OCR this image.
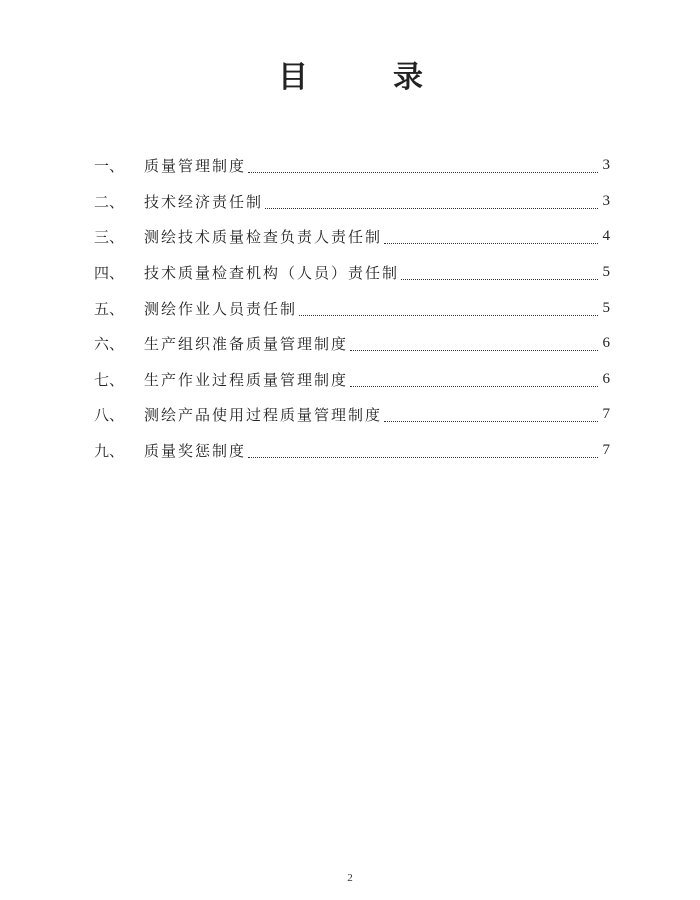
目	录
一、	质量管理制度	3
二、	技术经济责任制	3
三、	测绘技术质量检查负责人责任制	4
四、	技术质量检查机构（人员）责任制	5
五、	测绘作业人员责任制	5
六、	生产组织准备质量管理制度	6
七、	生产作业过程质量管理制度	6
八、	测绘产品使用过程质量管理制度	7
九、	质量奖惩制度	7
2
